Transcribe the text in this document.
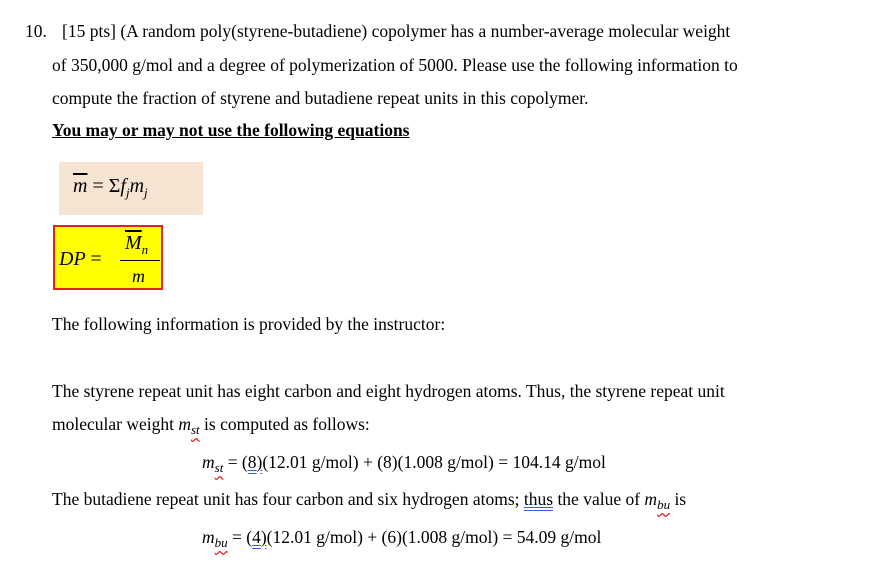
10. [15 pts] (A random poly(styrene-butadiene) copolymer has a number-average molecular weight
of 350,000 g/mol and a degree of polymerization of 5000. Please use the following information to
compute the fraction of styrene and butadiene repeat units in this copolymer.
You may or may not use the following equations
$\overline{m} = \Sigma f_jm_j$
DP =
$\overline{M}_n$
m
The following information is provided by the instructor:
The styrene repeat unit has eight carbon and eight hydrogen atoms. Thus, the styrene repeat unit
molecular weight $m_{st}$ is computed as follows:
$m_{st} = (8)(12.01$ g/mol) + (8)(1.008 g/mol) = 104.14 g/mol
The butadiene repeat unit has four carbon and six hydrogen atoms; thus the value of $m_{bu}$ is
$m_{bu} = (4)(12.01$ g/mol) + (6)(1.008 g/mol) = 54.09 g/mol
